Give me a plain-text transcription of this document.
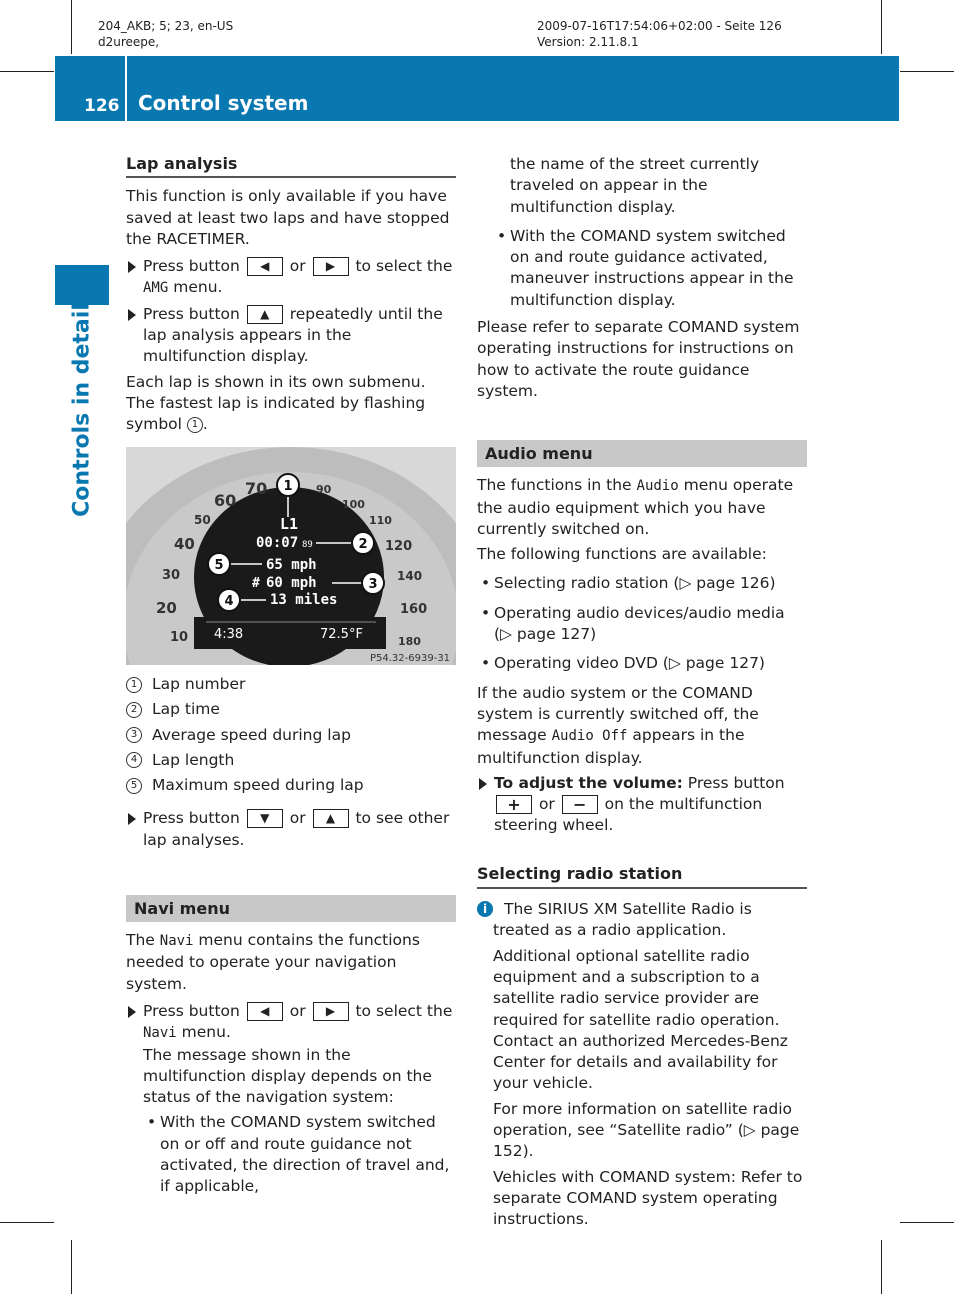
204_AKB; 5; 23, en-US
d2ureepe,
2009-07-16T17:54:06+02:00 - Seite 126
Version: 2.11.8.1
126 Control system
Controls in detail

Lap analysis

This function is only available if you have saved at least two laps and have stopped the RACETIMER.

Press button ◀ or ▶ to select the AMG menu.
Press button ▲ repeatedly until the lap analysis appears in the multifunction display.

Each lap is shown in its own submenu. The fastest lap is indicated by flashing symbol 1 .

10
20
30
40
50
60
70	90
100
110
120
140
160
180
L1
00:07 89
65 mph
# 60 mph
13 miles
4:38	72.5°F
P54.32-6939-31
1
2
3
4
5
1 Lap number
2 Lap time
3 Average speed during lap
4 Lap length
5 Maximum speed during lap
Press button ▼ or ▲ to see other lap analyses.
Navi menu

The Navi menu contains the functions needed to operate your navigation system.

Press button ◀ or ▶ to select the Navi menu.
The message shown in the multifunction display depends on the status of the navigation system:
• With the COMAND system switched on or off and route guidance not activated, the direction of travel and, if applicable,

the name of the street currently traveled on appear in the multifunction display.

• With the COMAND system switched on and route guidance activated, maneuver instructions appear in the multifunction display.

Please refer to separate COMAND system operating instructions for instructions on how to activate the route guidance system.

Audio menu

The functions in the Audio menu operate the audio equipment which you have currently switched on.

The following functions are available:

• Selecting radio station (▷ page 126)
• Operating audio devices/audio media (▷ page 127)
• Operating video DVD (▷ page 127)

If the audio system or the COMAND system is currently switched off, the message Audio Off appears in the multifunction display.

To adjust the volume: Press button + or − on the multifunction steering wheel.

Selecting radio station

i	The SIRIUS XM Satellite Radio is treated as a radio application.

Additional optional satellite radio equipment and a subscription to a satellite radio service provider are required for satellite radio operation. Contact an authorized Mercedes-Benz Center for details and availability for your vehicle.

For more information on satellite radio operation, see “Satellite radio” (▷ page 152).

Vehicles with COMAND system: Refer to separate COMAND system operating instructions.
